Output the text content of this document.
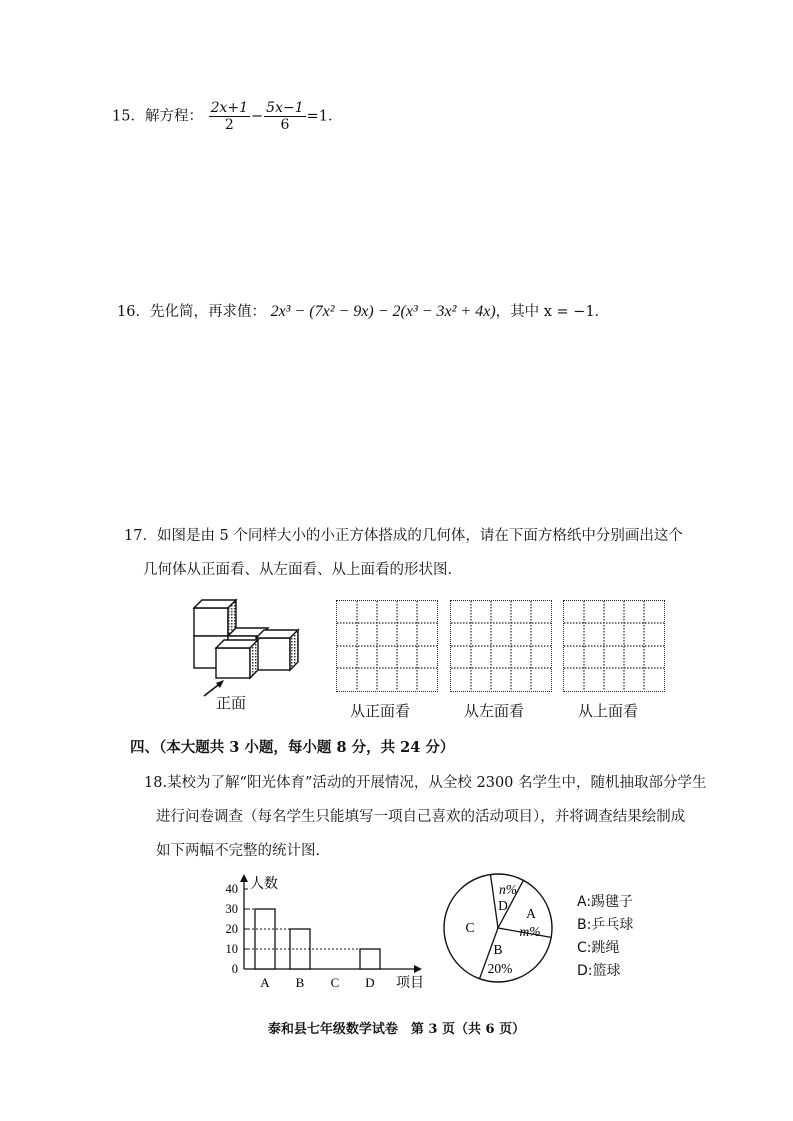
15．解方程： $\frac{2x+1}{2} - \frac{5x-1}{6} =1$．
16．先化简，再求值： 2x³ − (7x² − 9x) − 2(x³ − 3x² + 4x)，其中 x = −1．
17．如图是由 5 个同样大小的小正方体搭成的几何体，请在下面方格纸中分别画出这个
几何体从正面看、从左面看、从上面看的形状图．
正面	从正面看	从左面看	从上面看
四、（本大题共 3 小题，每小题 8 分，共 24 分）
18.某校为了解“阳光体育”活动的开展情况，从全校 2300 名学生中，随机抽取部分学生
进行问卷调查（每名学生只能填写一项自己喜欢的活动项目），并将调查结果绘制成
如下两幅不完整的统计图.
人数
0
10
20
30
40
A B C D 项目
D
n%
A
m%
B
20%
C
A:踢毽子
B:乒乓球
C:跳绳
D:篮球
泰和县七年级数学试卷　第 3 页（共 6 页）
